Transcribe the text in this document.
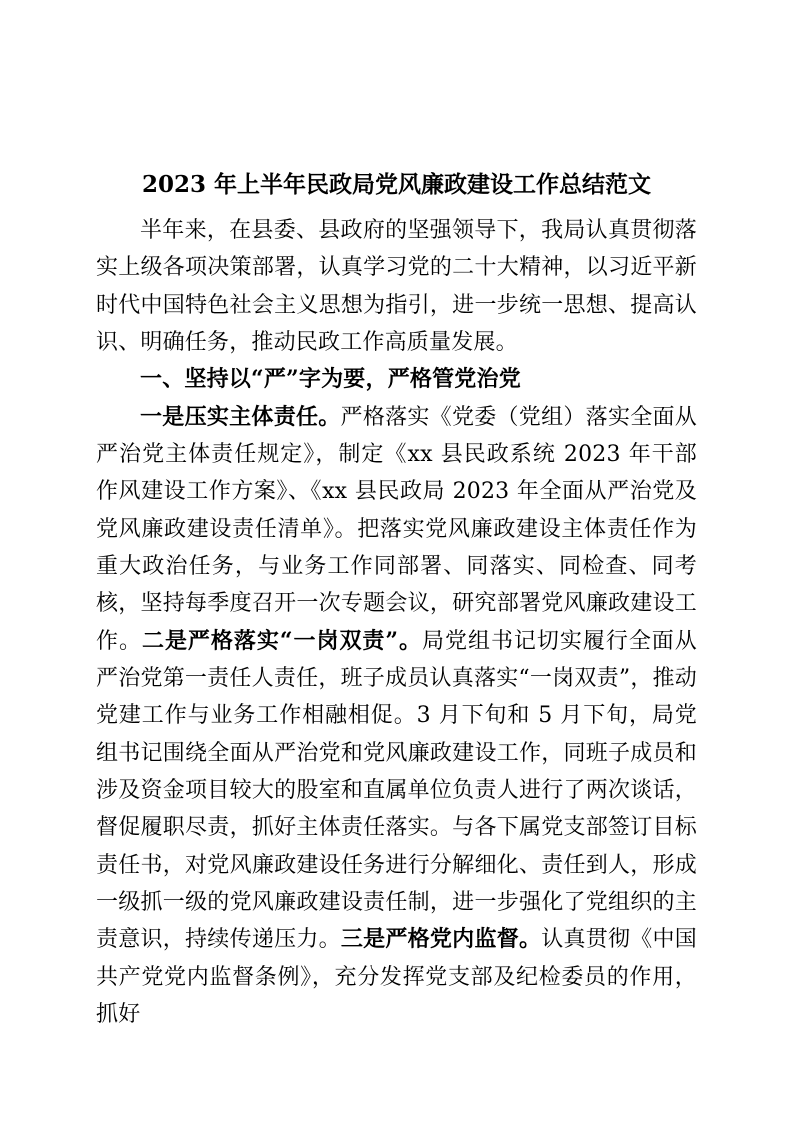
2023 年上半年民政局党风廉政建设工作总结范文

半年来，在县委、县政府的坚强领导下，我局认真贯彻落实上级各项决策部署，认真学习党的二十大精神，以习近平新时代中国特色社会主义思想为指引，进一步统一思想、提高认识、明确任务，推动民政工作高质量发展。

一、坚持以“严”字为要，严格管党治党

一是压实主体责任。严格落实《党委（党组）落实全面从严治党主体责任规定》，制定《xx 县民政系统 2023 年干部作风建设工作方案》、《xx 县民政局 2023 年全面从严治党及党风廉政建设责任清单》。把落实党风廉政建设主体责任作为重大政治任务，与业务工作同部署、同落实、同检查、同考核，坚持每季度召开一次专题会议，研究部署党风廉政建设工作。二是严格落实“一岗双责”。局党组书记切实履行全面从严治党第一责任人责任，班子成员认真落实“一岗双责”，推动党建工作与业务工作相融相促。3 月下旬和 5 月下旬，局党组书记围绕全面从严治党和党风廉政建设工作，同班子成员和涉及资金项目较大的股室和直属单位负责人进行了两次谈话，督促履职尽责，抓好主体责任落实。与各下属党支部签订目标责任书，对党风廉政建设任务进行分解细化、责任到人，形成一级抓一级的党风廉政建设责任制，进一步强化了党组织的主责意识，持续传递压力。三是严格党内监督。认真贯彻《中国共产党党内监督条例》，充分发挥党支部及纪检委员的作用，抓好
